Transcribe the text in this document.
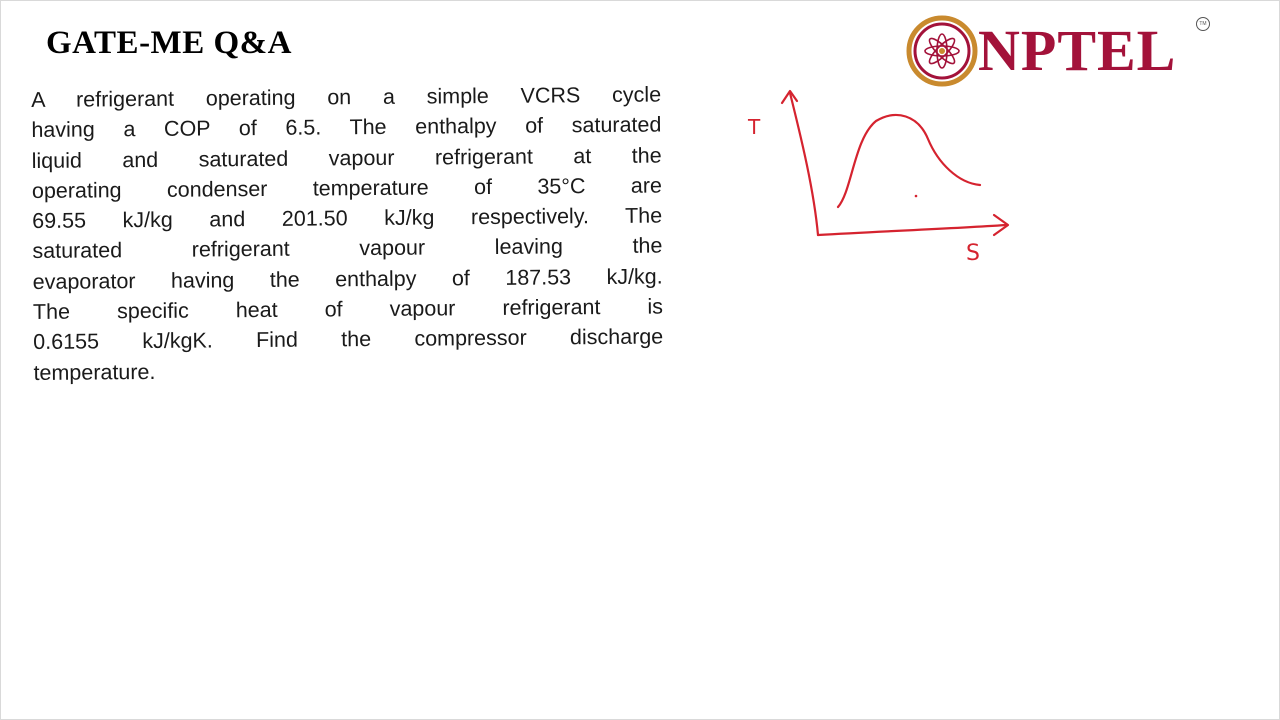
GATE-ME Q&A
A refrigerant operating on a simple VCRS cycle
having a COP of 6.5. The enthalpy of saturated
liquid and saturated vapour refrigerant at the
operating condenser temperature of 35°C are
69.55 kJ/kg and 201.50 kJ/kg respectively. The
saturated refrigerant vapour leaving the
evaporator having the enthalpy of 187.53 kJ/kg.
The specific heat of vapour refrigerant is
0.6155 kJ/kgK. Find the compressor discharge
temperature.
NPTEL	TM
T
S
